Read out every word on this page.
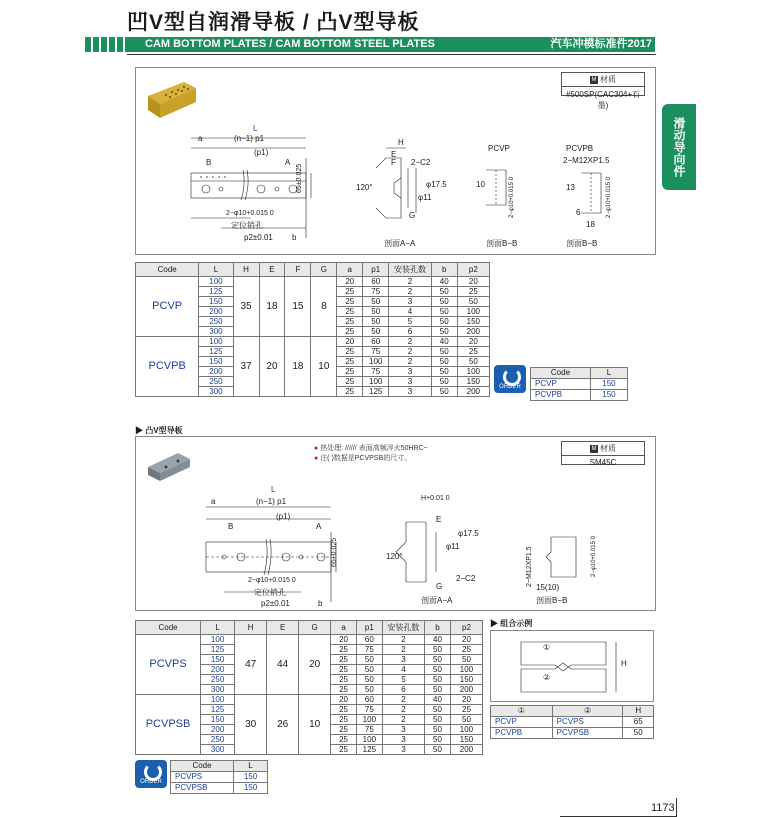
凹V型自润滑导板 / 凸V型导板
CAM BOTTOM PLATES / CAM BOTTOM STEEL PLATES	汽车冲模标准件2017
滑动导向件
M 材质
#500SP(CAC304+石墨)
L
a	(n−1) p1
(p1)
B	A
2−φ10+0.015 0
定位销孔
p2±0.01 b
65±0.025
H
E
F 2−C2
120°
φ11
φ17.5
G
剖面A−A
PCVP
10	2−φ10+0.015 0
剖面B−B
PCVPB
2−M12XP1.5
13
6
18
2−φ10+0.015 0
剖面B−B
Code	L	H	E	F	G	a	p1	安装孔数	b	p2
PCVP	100	35	18	15	8	20	60	2	40	20
	125					25	75	2	50	25
	150					25	50	3	50	50
	200					25	50	4	50	100
	250					25	50	5	50	150
	300					25	50	6	50	200
PCVPB	100	37	20	18	10	20	60	2	40	20
	125					25	75	2	50	25
	150					25	100	2	50	50
	200					25	75	3	50	100
	250					25	100	3	50	150
	300					25	125	3	50	200	ORDER
Code	L
PCVP	150
PCVPB	150
▶ 凸V型导板
● 热处理: ////// 表面高频淬火50HRC~
● 注( )数据是PCVPSB的尺寸。
M 材质
SM45C
L
a	(n−1) p1
(p1)
B	A
2−φ10+0.015 0
定位销孔
p2±0.01	b
65±0.025
H+0.01 0
E
120°
φ11
φ17.5
G
2−C2
剖面A−A
2−M12XP1.5	2−φ10+0.015 0
15(10)
剖面B−B
Code	L	H	E	G	a	p1	安装孔数	b	p2
PCVPS	100	47	44	20	20	60	2	40	20
	125				25	75	2	50	25
	150				25	50	3	50	50
	200				25	50	4	50	100
	250				25	50	5	50	150
	300				25	50	6	50	200
PCVPSB	100	30	26	10	20	60	2	40	20
	125				25	75	2	50	25
	150				25	100	2	50	50
	200				25	75	3	50	100
	250				25	100	3	50	150
	300				25	125	3	50	200
▶ 组合示例
①
②
H
①	②	H
PCVP	PCVPS	65
PCVPB	PCVPSB	50
ORDER
Code	L
PCVPS	150
PCVPSB	150
1173
